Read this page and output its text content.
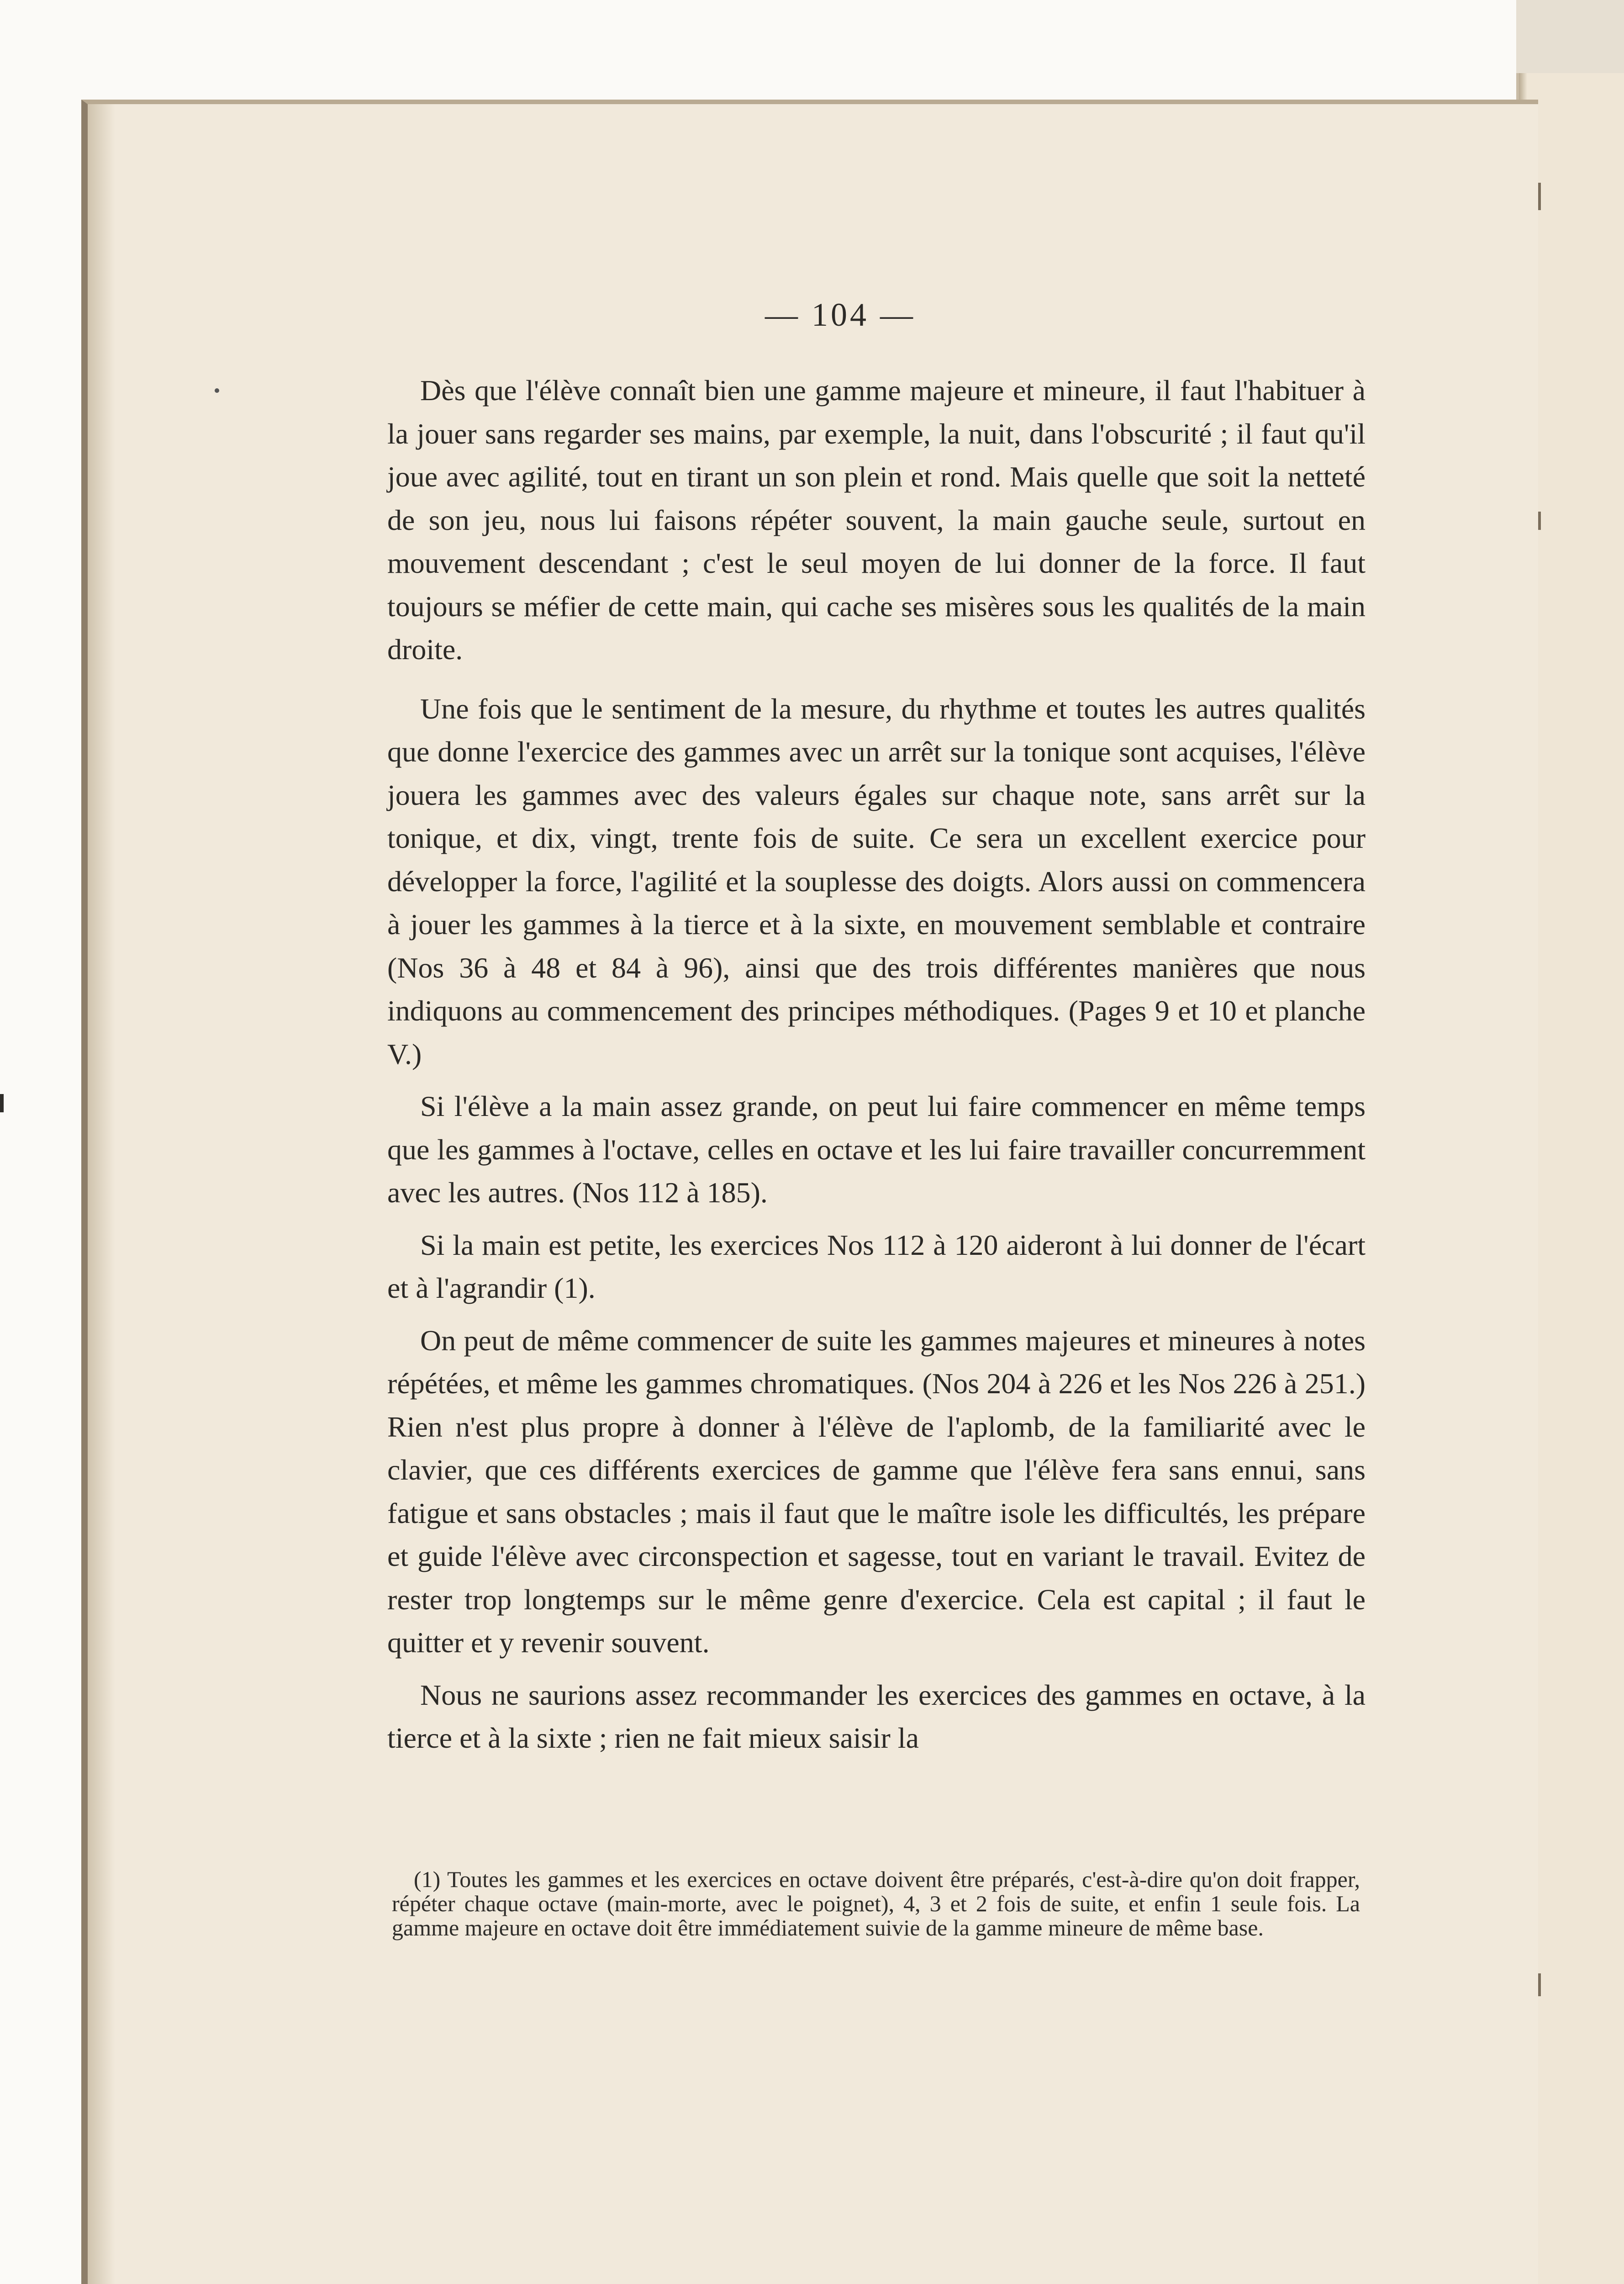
— 104 —

Dès que l'élève connaît bien une gamme majeure et mineure, il faut l'habituer à la jouer sans regarder ses mains, par exemple, la nuit, dans l'obscurité ; il faut qu'il joue avec agilité, tout en tirant un son plein et rond. Mais quelle que soit la netteté de son jeu, nous lui faisons répéter souvent, la main gauche seule, surtout en mouvement descendant ; c'est le seul moyen de lui donner de la force. Il faut toujours se méfier de cette main, qui cache ses misères sous les qualités de la main droite.

Une fois que le sentiment de la mesure, du rhythme et toutes les autres qualités que donne l'exercice des gammes avec un arrêt sur la tonique sont acquises, l'élève jouera les gammes avec des valeurs égales sur chaque note, sans arrêt sur la tonique, et dix, vingt, trente fois de suite. Ce sera un excellent exercice pour développer la force, l'agilité et la souplesse des doigts. Alors aussi on commencera à jouer les gammes à la tierce et à la sixte, en mouvement semblable et contraire (Nos 36 à 48 et 84 à 96), ainsi que des trois différentes manières que nous indiquons au commencement des principes méthodiques. (Pages 9 et 10 et planche V.)

Si l'élève a la main assez grande, on peut lui faire commencer en même temps que les gammes à l'octave, celles en octave et les lui faire travailler concurremment avec les autres. (Nos 112 à 185).

Si la main est petite, les exercices Nos 112 à 120 aideront à lui donner de l'écart et à l'agrandir (1).

On peut de même commencer de suite les gammes majeures et mineures à notes répétées, et même les gammes chromatiques. (Nos 204 à 226 et les Nos 226 à 251.) Rien n'est plus propre à donner à l'élève de l'aplomb, de la familiarité avec le clavier, que ces différents exercices de gamme que l'élève fera sans ennui, sans fatigue et sans obstacles ; mais il faut que le maître isole les difficultés, les prépare et guide l'élève avec circonspection et sagesse, tout en variant le travail. Evitez de rester trop longtemps sur le même genre d'exercice. Cela est capital ; il faut le quitter et y revenir souvent.

Nous ne saurions assez recommander les exercices des gammes en octave, à la tierce et à la sixte ; rien ne fait mieux saisir la

(1) Toutes les gammes et les exercices en octave doivent être préparés, c'est-à-dire qu'on doit frapper, répéter chaque octave (main-morte, avec le poignet), 4, 3 et 2 fois de suite, et enfin 1 seule fois. La gamme majeure en octave doit être immédiatement suivie de la gamme mineure de même base.
